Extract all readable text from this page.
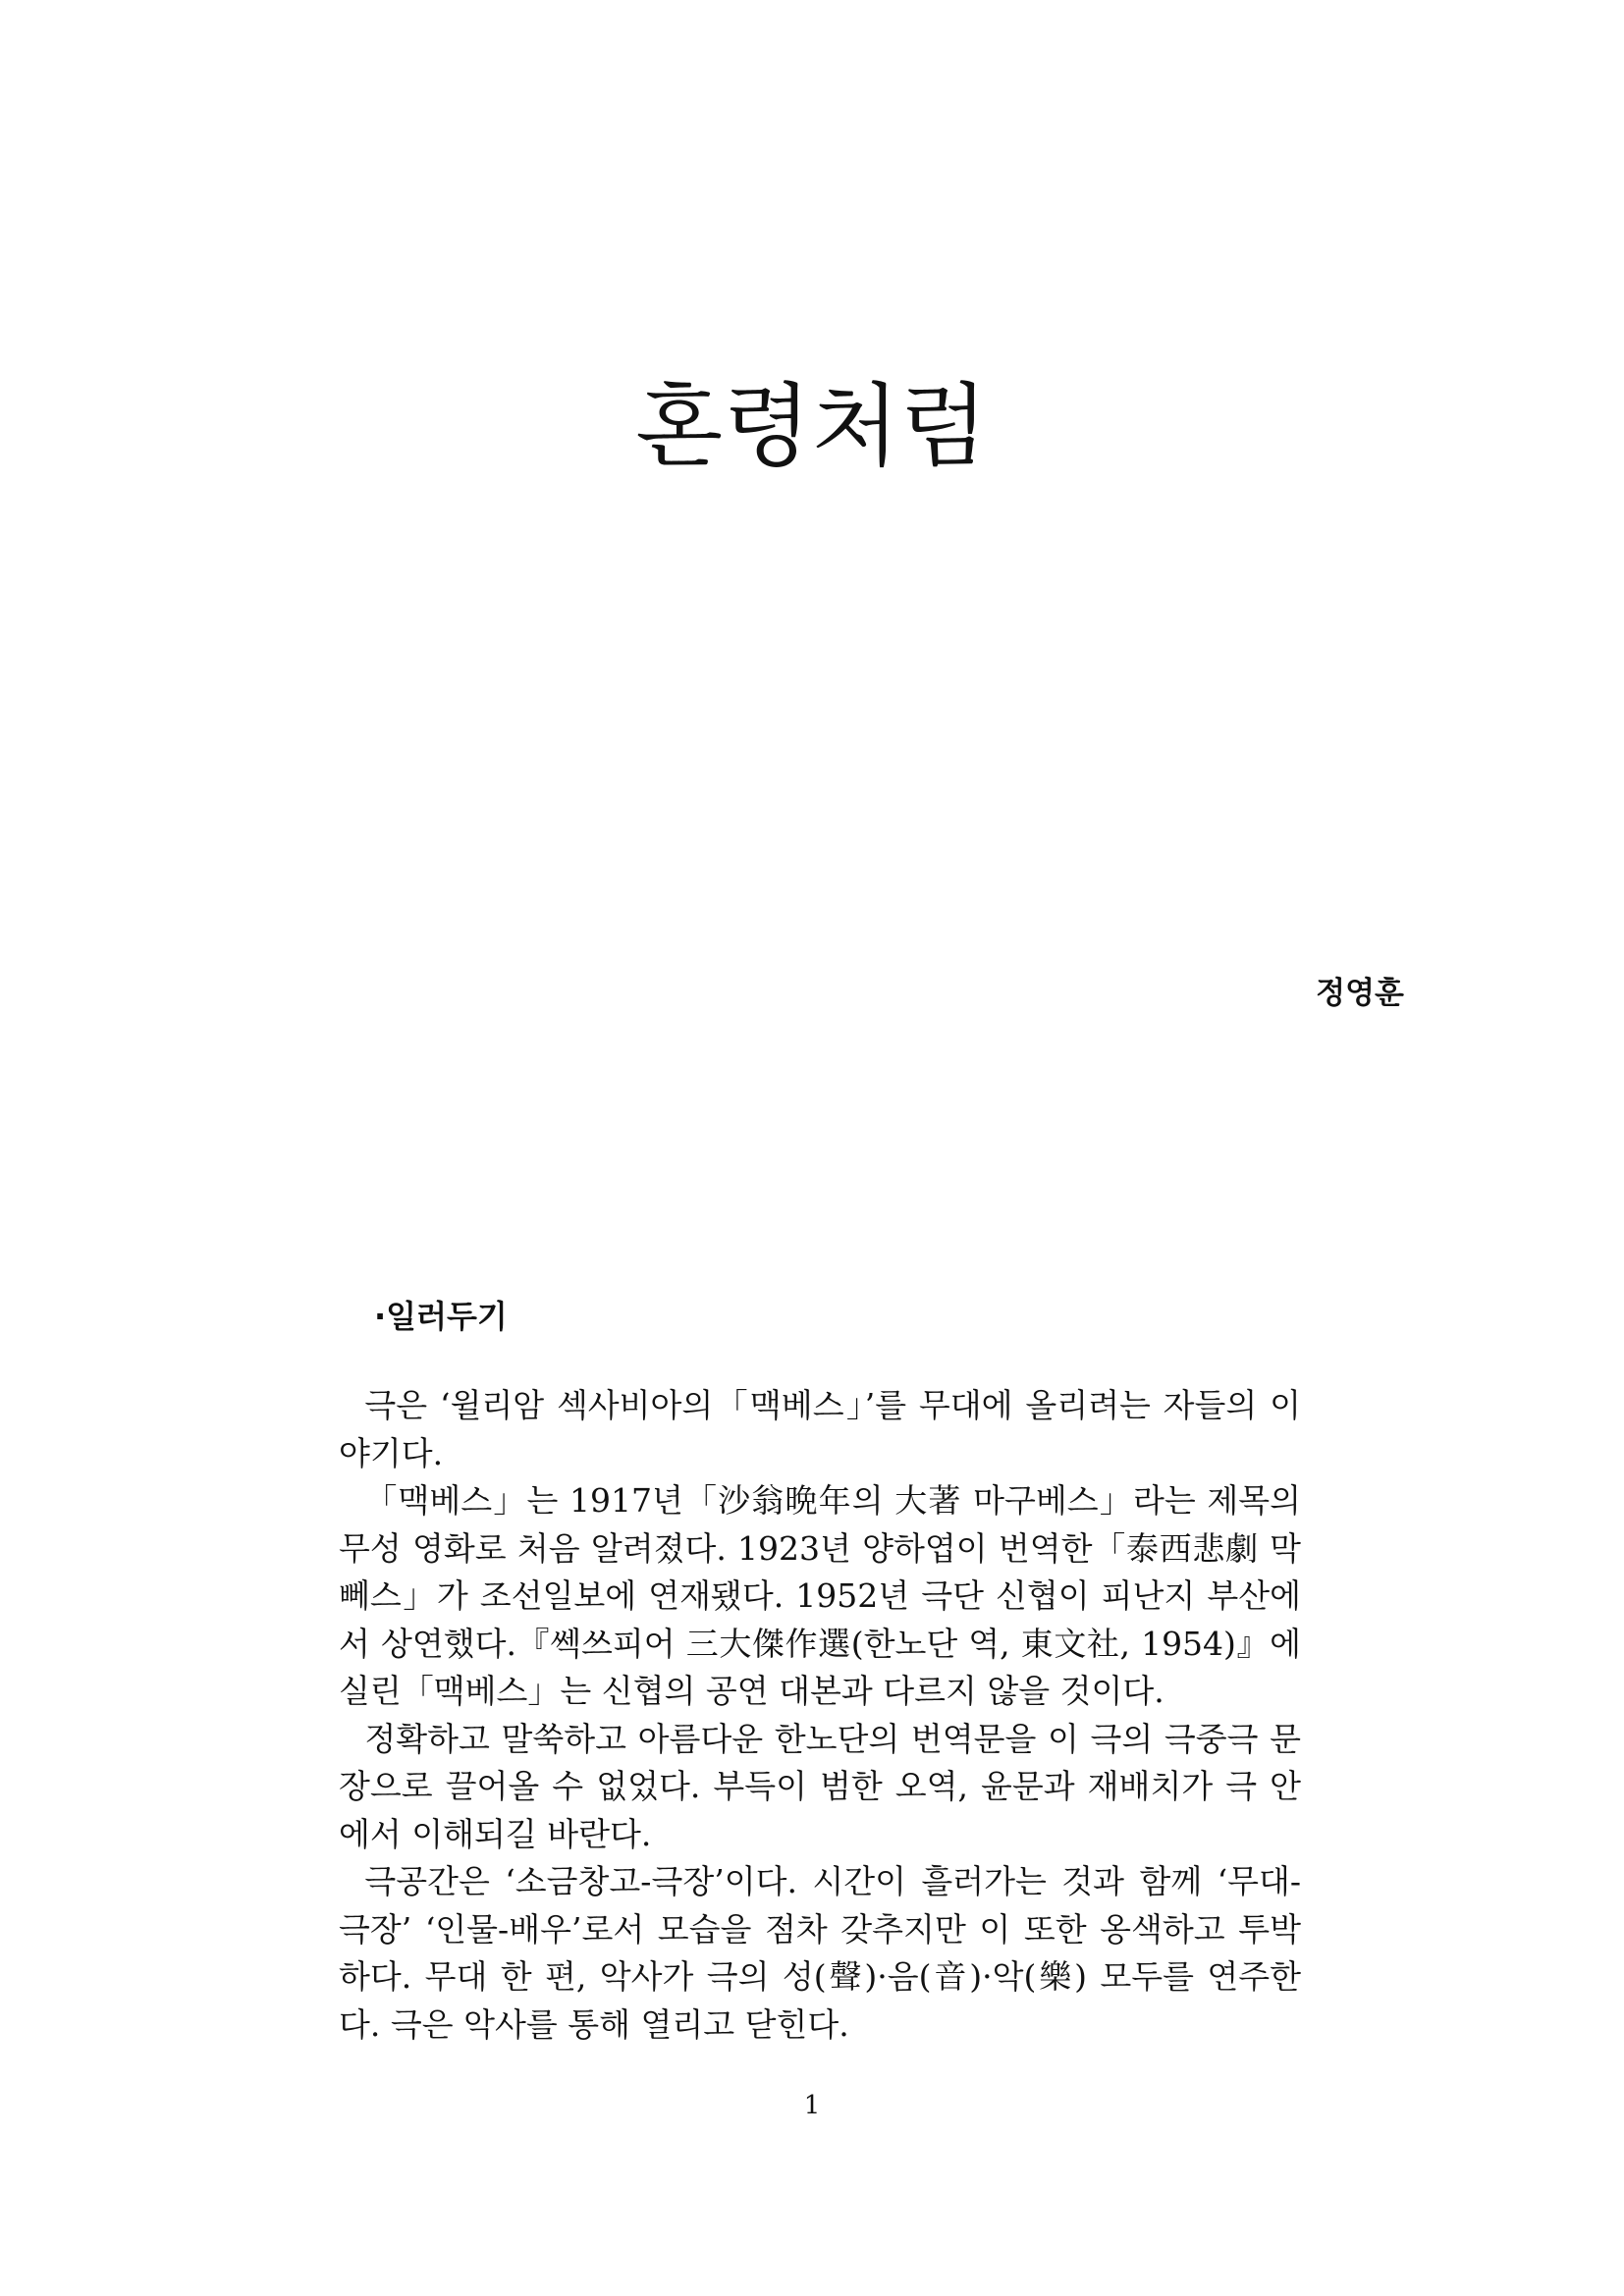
혼령처럼
정영훈
·일러두기

극은 ‘윌리암 섹사비아의「맥베스」’를 무대에 올리려는 자들의 이야기다.

「맥베스」는 1917년「沙翁晩年의 大著 마구베스」라는 제목의 무성 영화로 처음 알려졌다. 1923년 양하엽이 번역한「泰西悲劇 막뻬스」가 조선일보에 연재됐다. 1952년 극단 신협이 피난지 부산에서 상연했다.『쎅쓰피어 三大傑作選(한노단 역, 東文社, 1954)』에 실린「맥베스」는 신협의 공연 대본과 다르지 않을 것이다.

정확하고 말쑥하고 아름다운 한노단의 번역문을 이 극의 극중극 문장으로 끌어올 수 없었다. 부득이 범한 오역, 윤문과 재배치가 극 안에서 이해되길 바란다.

극공간은 ‘소금창고-극장’이다. 시간이 흘러가는 것과 함께 ‘무대-극장’ ‘인물-배우’로서 모습을 점차 갖추지만 이 또한 옹색하고 투박하다. 무대 한 편, 악사가 극의 성(聲)·음(音)·악(樂) 모두를 연주한다. 극은 악사를 통해 열리고 닫힌다.

1
